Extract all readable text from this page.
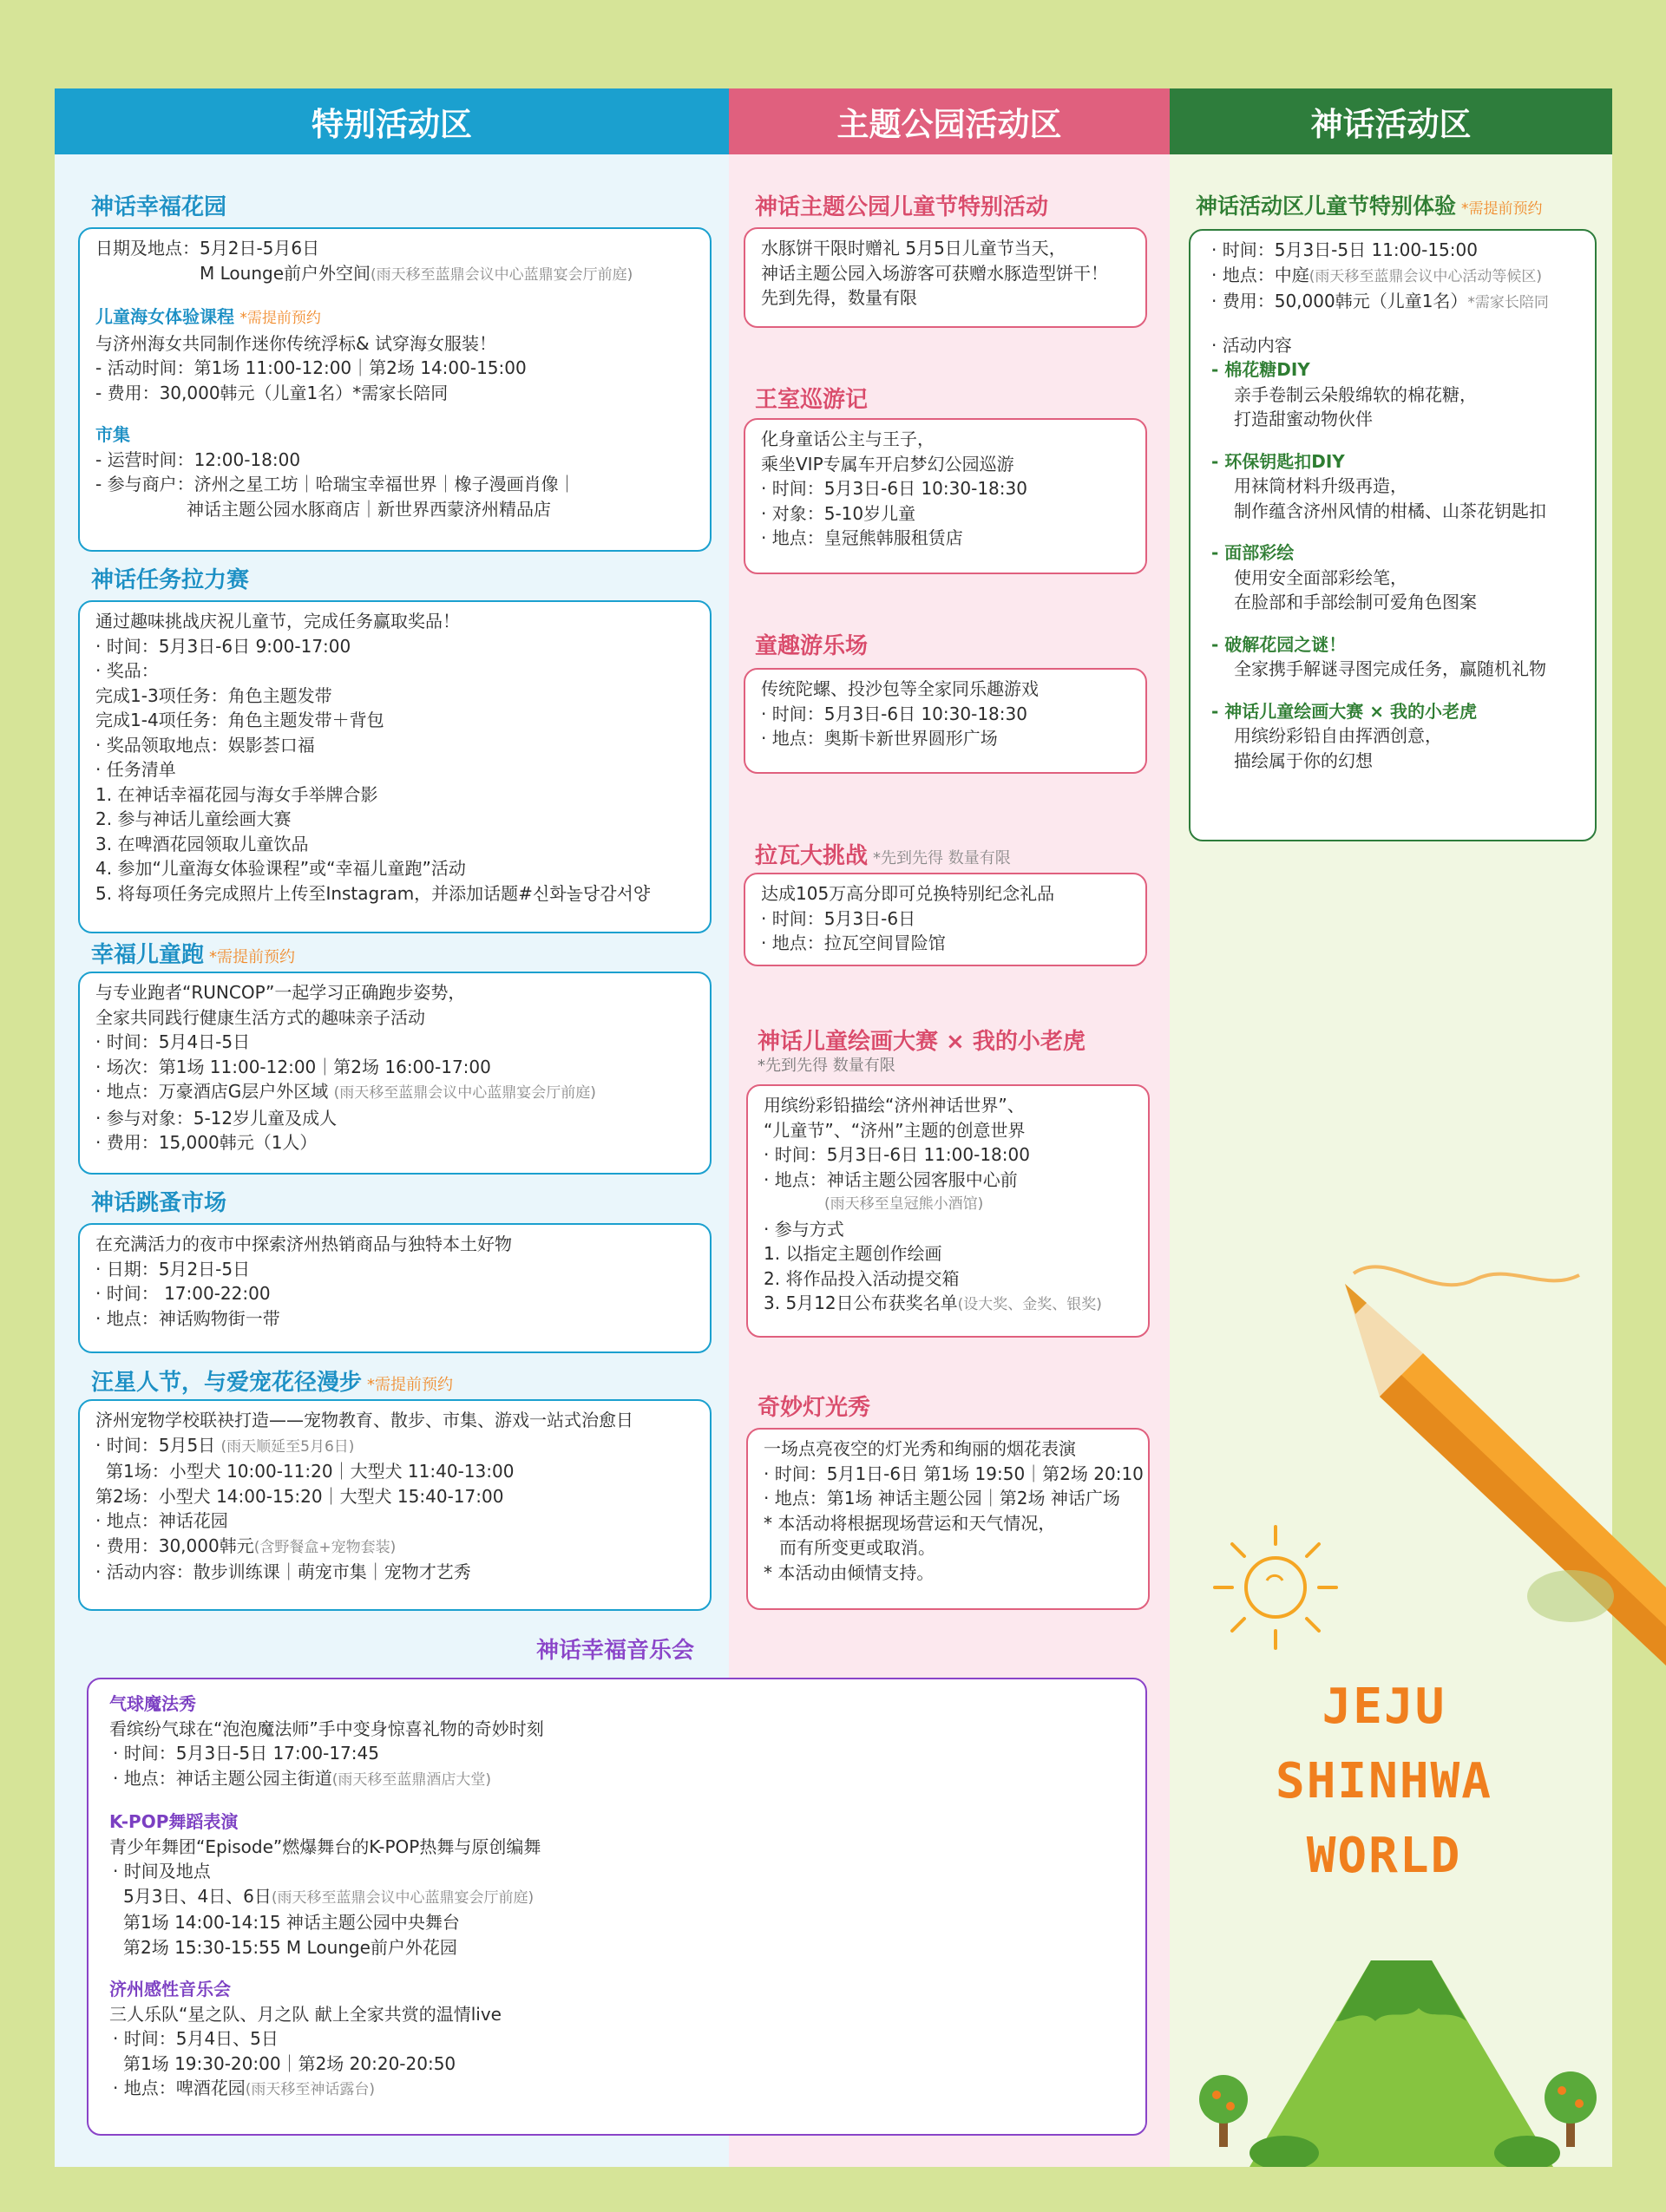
特别活动区	主题公园活动区	神话活动区
神话幸福花园
日期及地点：5月2日-5月6日
M Lounge前户外空间(雨天移至蓝鼎会议中心蓝鼎宴会厅前庭)
儿童海女体验课程 *需提前预约
与济州海女共同制作迷你传统浮标& 试穿海女服装！
- 活动时间：第1场 11:00-12:00｜第2场 14:00-15:00
- 费用：30,000韩元（儿童1名）*需家长陪同
市集
- 运营时间：12:00-18:00
- 参与商户：济州之星工坊｜哈瑞宝幸福世界｜橡子漫画肖像｜
神话主题公园水豚商店｜新世界西蒙济州精品店
神话任务拉力赛
通过趣味挑战庆祝儿童节，完成任务赢取奖品！
· 时间：5月3日-6日 9:00-17:00
· 奖品：
完成1-3项任务：角色主题发带
完成1-4项任务：角色主题发带＋背包
· 奖品领取地点：娱影荟口福
· 任务清单
1. 在神话幸福花园与海女手举牌合影
2. 参与神话儿童绘画大赛
3. 在啤酒花园领取儿童饮品
4. 参加“儿童海女体验课程”或“幸福儿童跑”活动
5. 将每项任务完成照片上传至Instagram，并添加话题#신화놀당감서양
幸福儿童跑 *需提前预约
与专业跑者“RUNCOP”一起学习正确跑步姿势，
全家共同践行健康生活方式的趣味亲子活动
· 时间：5月4日-5日
· 场次：第1场 11:00-12:00｜第2场 16:00-17:00
· 地点：万豪酒店G层户外区域 (雨天移至蓝鼎会议中心蓝鼎宴会厅前庭)
· 参与对象：5-12岁儿童及成人
· 费用：15,000韩元（1人）
神话跳蚤市场
在充满活力的夜市中探索济州热销商品与独特本土好物
· 日期：5月2日-5日
· 时间： 17:00-22:00
· 地点：神话购物街一带
汪星人节，与爱宠花径漫步 *需提前预约
济州宠物学校联袂打造——宠物教育、散步、市集、游戏一站式治愈日
· 时间：5月5日 (雨天顺延至5月6日)
第1场：小型犬 10:00-11:20｜大型犬 11:40-13:00
第2场：小型犬 14:00-15:20｜大型犬 15:40-17:00
· 地点：神话花园
· 费用：30,000韩元(含野餐盒+宠物套装)
· 活动内容：散步训练课｜萌宠市集｜宠物才艺秀
神话主题公园儿童节特别活动
水豚饼干限时赠礼 5月5日儿童节当天，
神话主题公园入场游客可获赠水豚造型饼干！
先到先得，数量有限
王室巡游记
化身童话公主与王子，
乘坐VIP专属车开启梦幻公园巡游
· 时间：5月3日-6日 10:30-18:30
· 对象：5-10岁儿童
· 地点：皇冠熊韩服租赁店
童趣游乐场
传统陀螺、投沙包等全家同乐趣游戏
· 时间：5月3日-6日 10:30-18:30
· 地点：奥斯卡新世界圆形广场
拉瓦大挑战 *先到先得 数量有限
达成105万高分即可兑换特别纪念礼品
· 时间：5月3日-6日
· 地点：拉瓦空间冒险馆
神话儿童绘画大赛 × 我的小老虎
*先到先得 数量有限
用缤纷彩铅描绘“济州神话世界”、
“儿童节”、“济州”主题的创意世界
· 时间：5月3日-6日 11:00-18:00
· 地点：神话主题公园客服中心前
(雨天移至皇冠熊小酒馆)
· 参与方式
1. 以指定主题创作绘画
2. 将作品投入活动提交箱
3. 5月12日公布获奖名单(设大奖、金奖、银奖)
奇妙灯光秀
一场点亮夜空的灯光秀和绚丽的烟花表演
· 时间：5月1日-6日 第1场 19:50｜第2场 20:10
· 地点：第1场 神话主题公园｜第2场 神话广场
* 本活动将根据现场营运和天气情况，
而有所变更或取消。
* 本活动由倾情支持。
神话活动区儿童节特别体验 *需提前预约
· 时间：5月3日-5日 11:00-15:00
· 地点：中庭(雨天移至蓝鼎会议中心活动等候区)
· 费用：50,000韩元（儿童1名）*需家长陪同
· 活动内容
- 棉花糖DIY
亲手卷制云朵般绵软的棉花糖，
打造甜蜜动物伙伴
- 环保钥匙扣DIY
用袜筒材料升级再造，
制作蕴含济州风情的柑橘、山茶花钥匙扣
- 面部彩绘
使用安全面部彩绘笔，
在脸部和手部绘制可爱角色图案
- 破解花园之谜！
全家携手解谜寻图完成任务，赢随机礼物
- 神话儿童绘画大赛 × 我的小老虎
用缤纷彩铅自由挥洒创意，
描绘属于你的幻想
神话幸福音乐会
气球魔法秀
看缤纷气球在“泡泡魔法师”手中变身惊喜礼物的奇妙时刻
· 时间：5月3日-5日 17:00-17:45
· 地点：神话主题公园主街道(雨天移至蓝鼎酒店大堂)
K-POP舞蹈表演
青少年舞团“Episode”燃爆舞台的K-POP热舞与原创编舞
· 时间及地点
5月3日、4日、6日(雨天移至蓝鼎会议中心蓝鼎宴会厅前庭)
第1场 14:00-14:15 神话主题公园中央舞台
第2场 15:30-15:55 M Lounge前户外花园
济州感性音乐会
三人乐队“星之队、月之队 献上全家共赏的温情live
· 时间：5月4日、5日
第1场 19:30-20:00｜第2场 20:20-20:50
· 地点：啤酒花园(雨天移至神话露台)
JEJU
SHINHWA
WORLD
